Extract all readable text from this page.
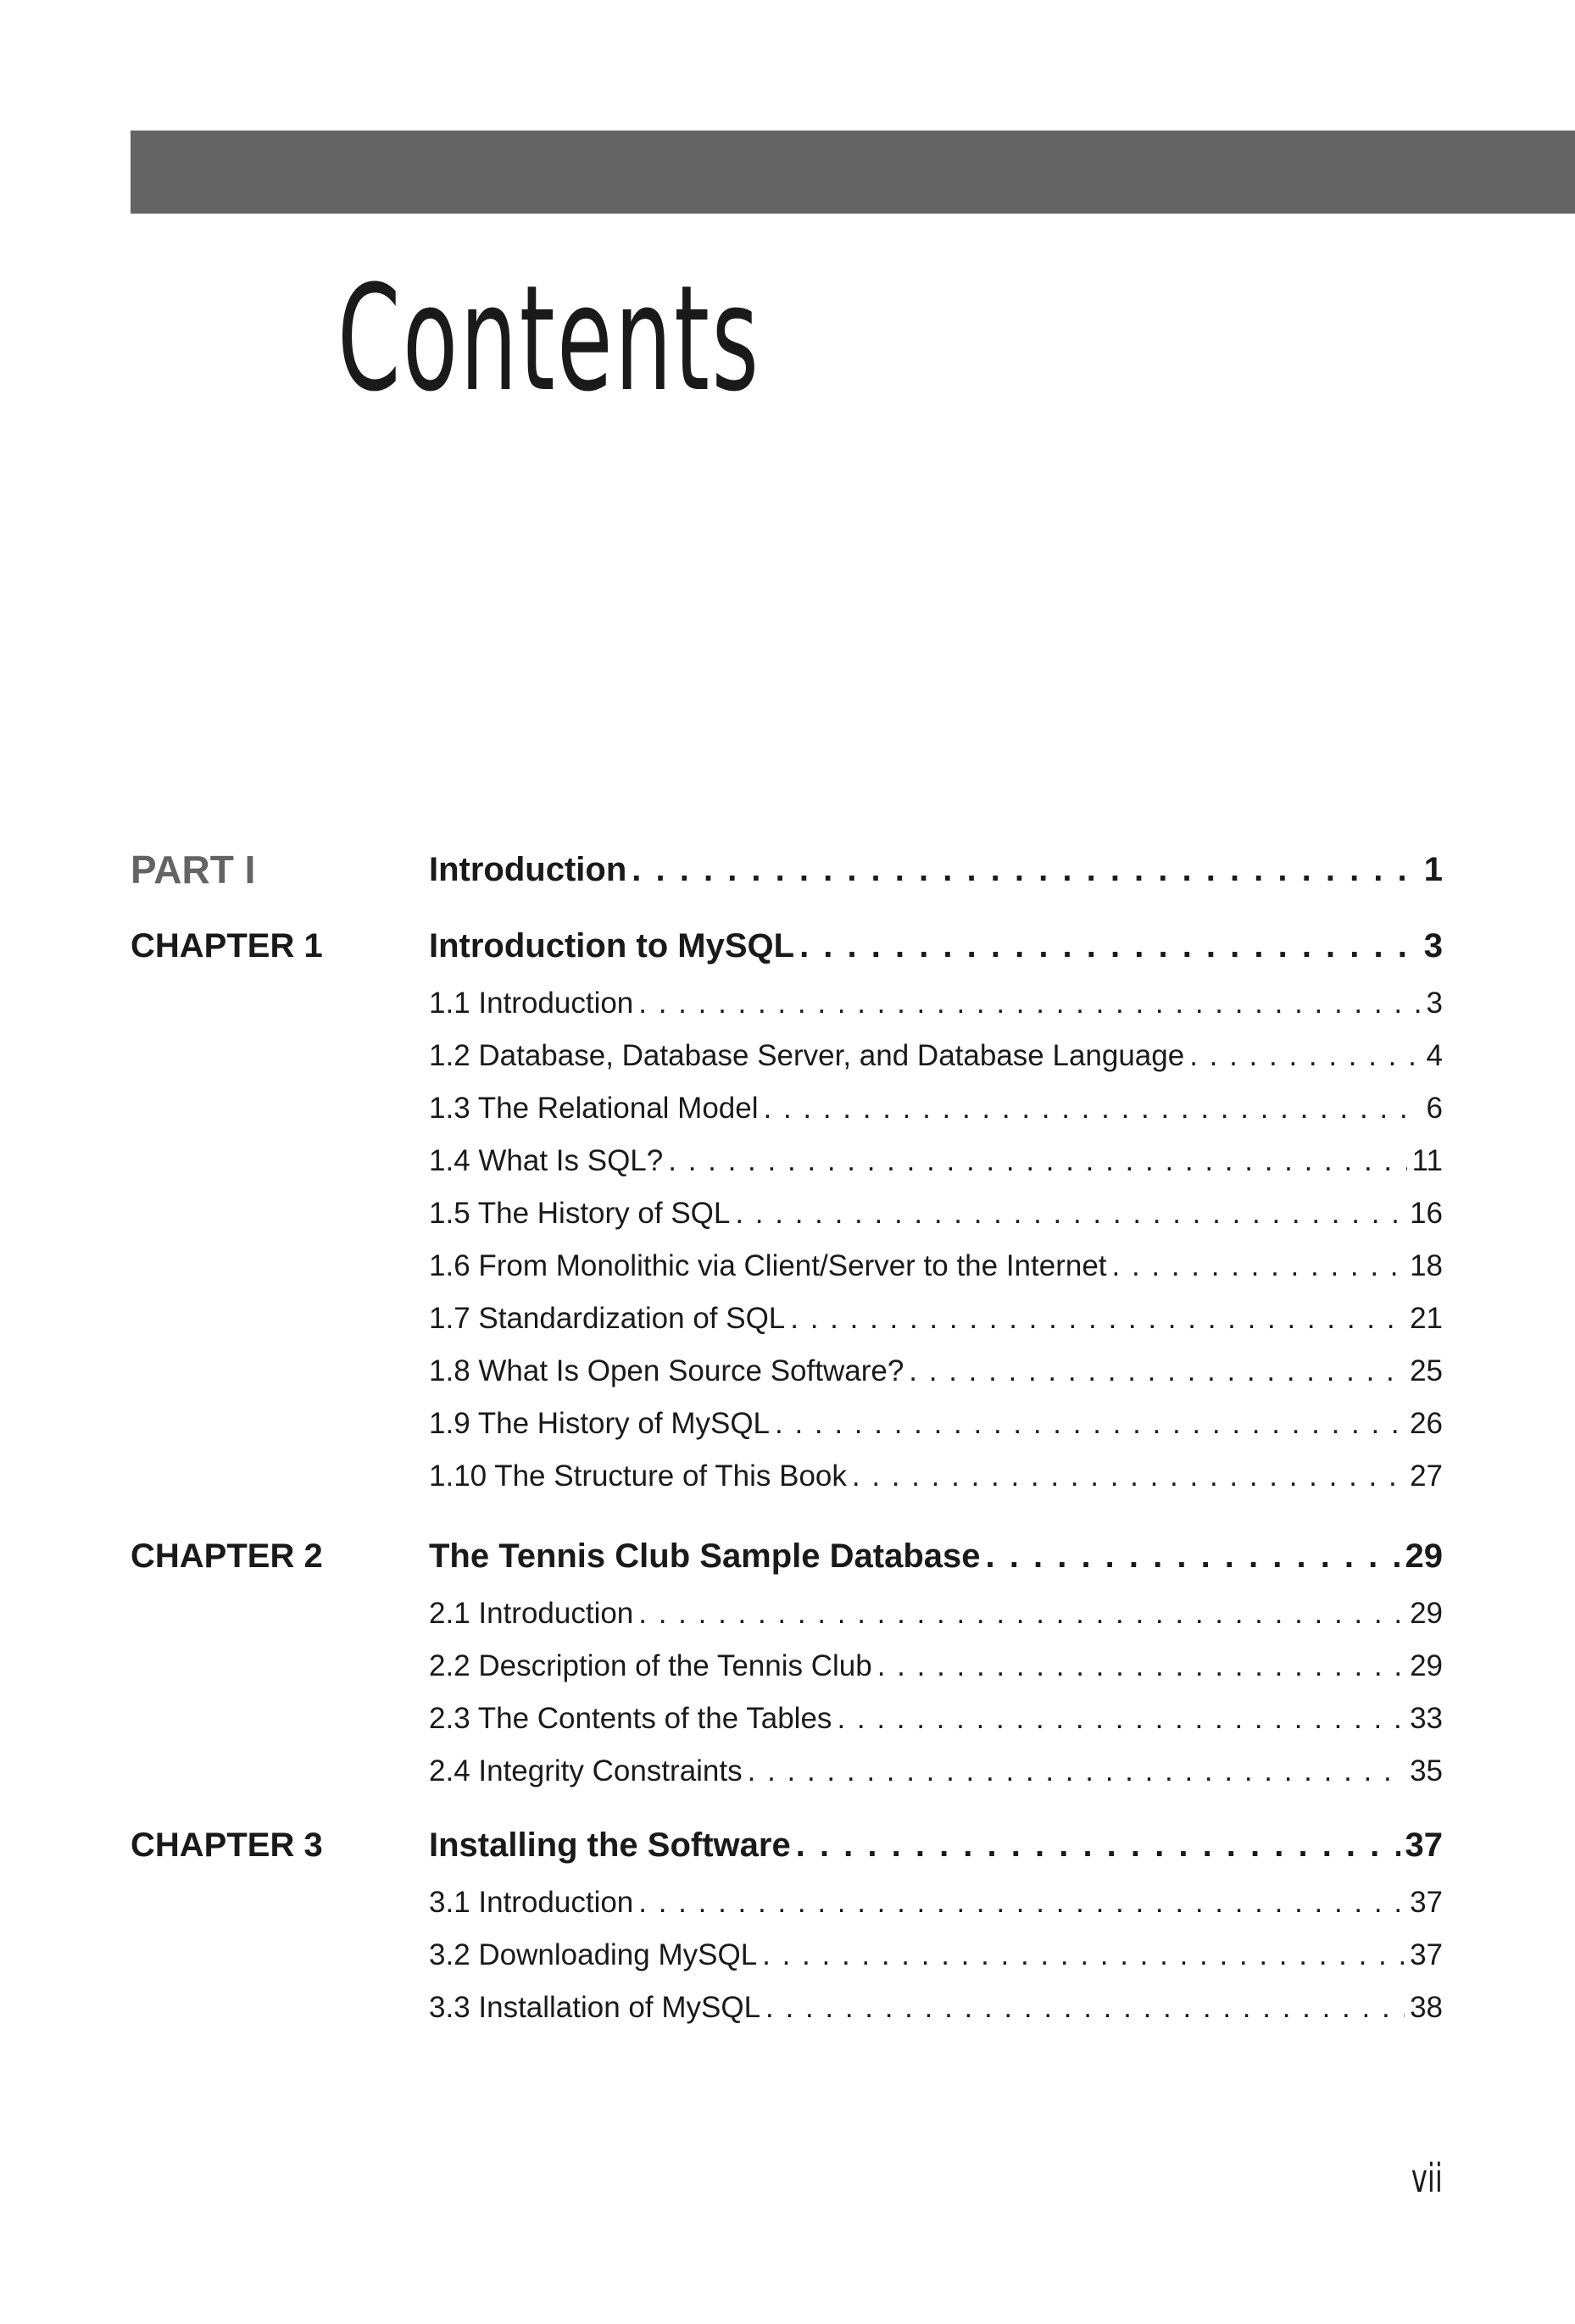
Contents
PART I	Introduction . . .	1
CHAPTER 1	Introduction to MySQL . . .	3
1.1 Introduction . . .	3
1.2 Database, Database Server, and Database Language . . .	4
1.3 The Relational Model . . .	6
1.4 What Is SQL? . . .	11
1.5 The History of SQL . . .	16
1.6 From Monolithic via Client/Server to the Internet . . .	18
1.7 Standardization of SQL . . .	21
1.8 What Is Open Source Software? . . .	25
1.9 The History of MySQL . . .	26
1.10 The Structure of This Book . . .	27
CHAPTER 2	The Tennis Club Sample Database . . .	29
2.1 Introduction . . .	29
2.2 Description of the Tennis Club . . .	29
2.3 The Contents of the Tables . . .	33
2.4 Integrity Constraints . . .	35
CHAPTER 3	Installing the Software . . .	37
3.1 Introduction . . .	37
3.2 Downloading MySQL . . .	37
3.3 Installation of MySQL . . .	38
vii
